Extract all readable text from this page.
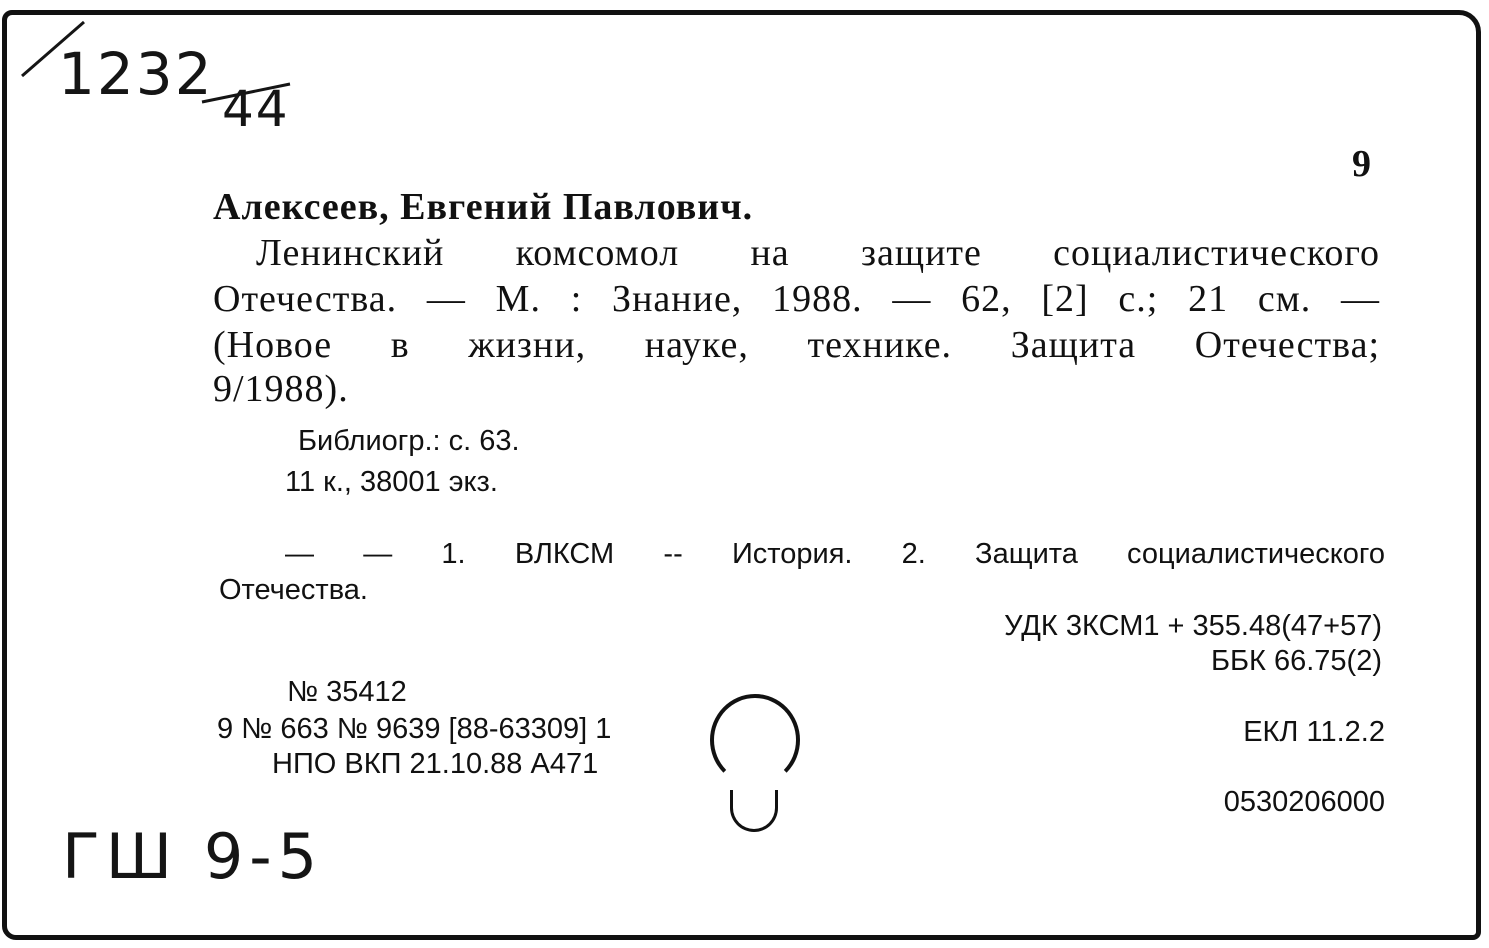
1232
44
9
Алексеев, Евгений Павлович.
Ленинский комсомол на защите социалистического
Отечества. — М. : Знание, 1988. — 62, [2] с.; 21 см. —
(Новое в жизни, науке, технике. Защита Отечества;
9/1988).
Библиогр.: с. 63.
11 к., 38001 экз.
— — 1. ВЛКСМ -- История. 2. Защита социалистического
Отечества.
УДК 3КСМ1 + 355.48(47+57)
ББК 66.75(2)
№ 35412
9 № 663 № 9639 [88-63309] 1
НПО ВКП 21.10.88 А471
ЕКЛ 11.2.2
0530206000
ГШ 9-5
